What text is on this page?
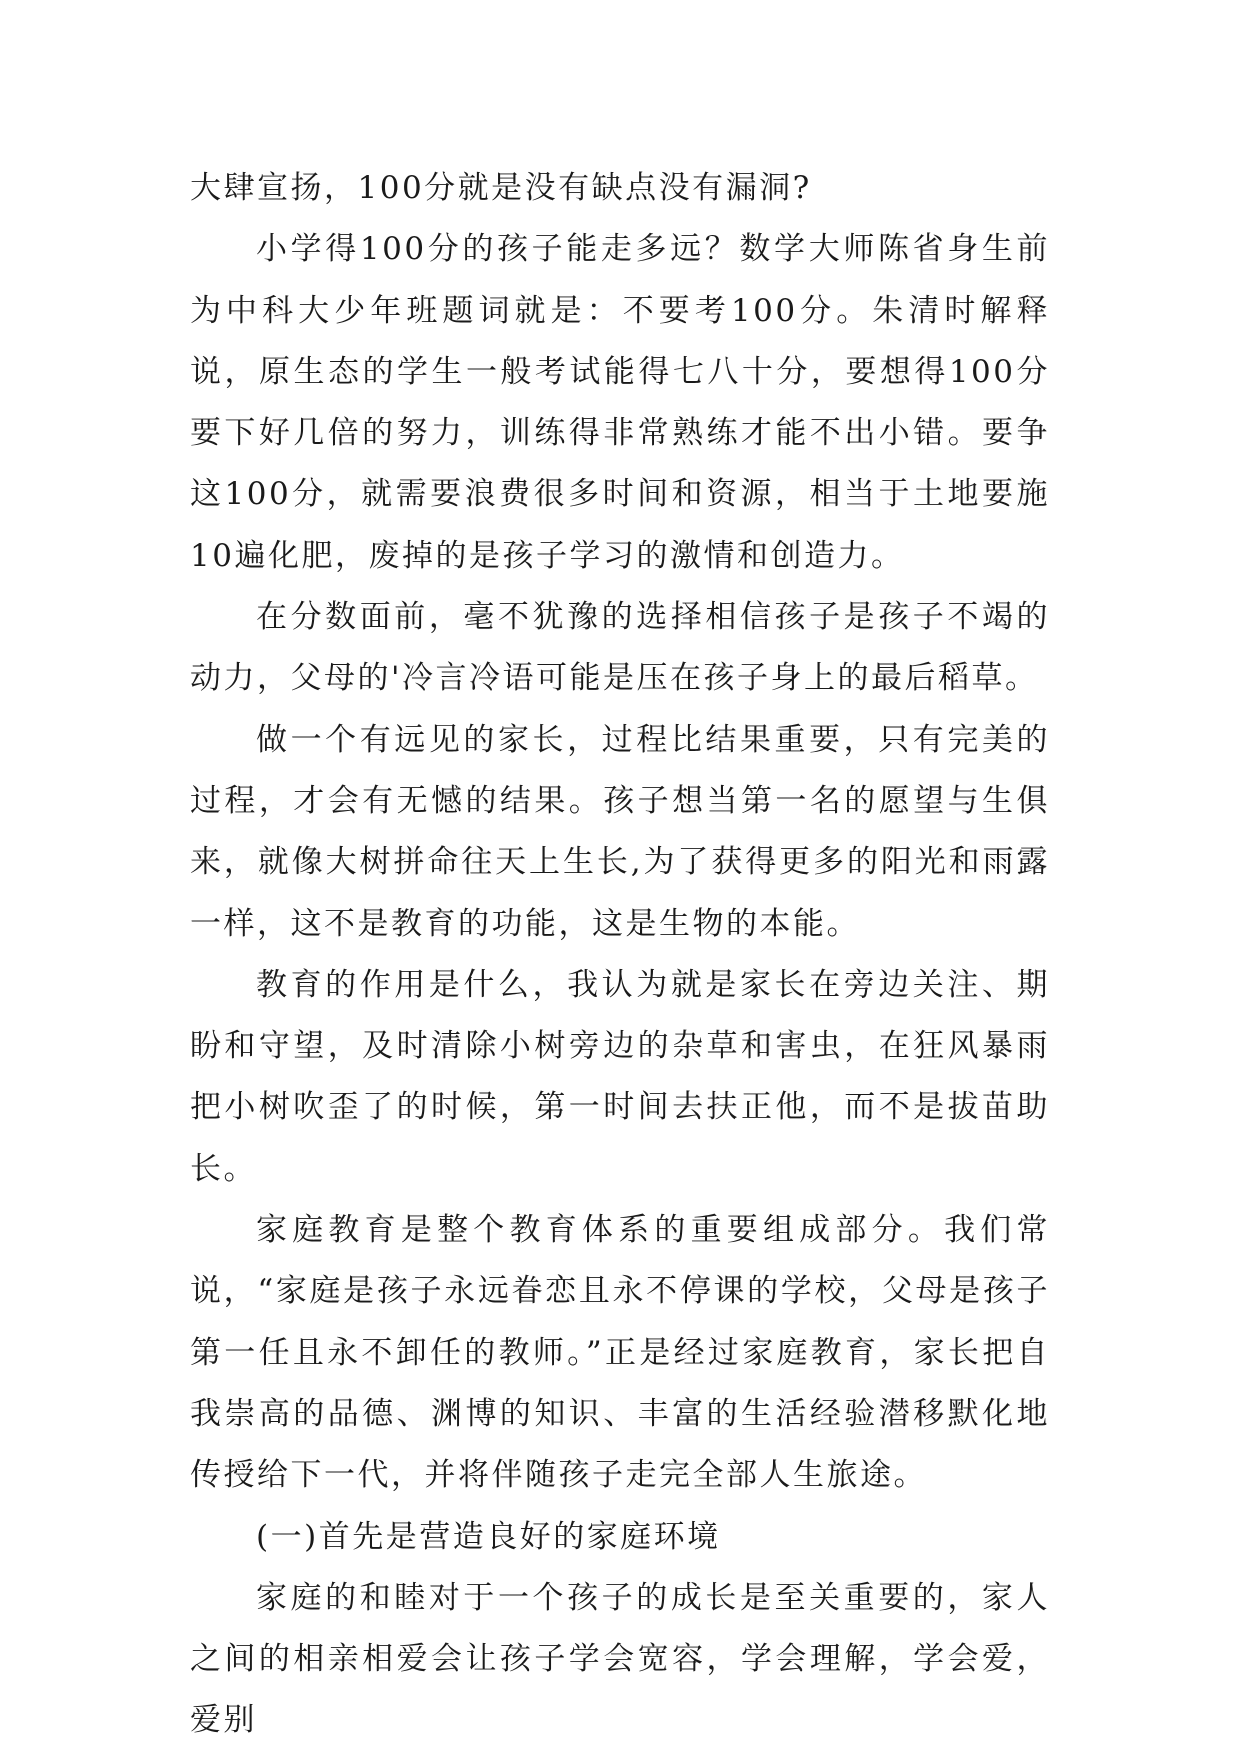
大肆宣扬，100分就是没有缺点没有漏洞?

小学得100分的孩子能走多远？数学大师陈省身生前为中科大少年班题词就是：不要考100分。朱清时解释说，原生态的学生一般考试能得七八十分，要想得100分要下好几倍的努力，训练得非常熟练才能不出小错。要争这100分，就需要浪费很多时间和资源，相当于土地要施10遍化肥，废掉的是孩子学习的激情和创造力。

在分数面前，毫不犹豫的选择相信孩子是孩子不竭的动力，父母的'冷言冷语可能是压在孩子身上的最后稻草。

做一个有远见的家长，过程比结果重要，只有完美的过程，才会有无憾的结果。孩子想当第一名的愿望与生俱来，就像大树拼命往天上生长,为了获得更多的阳光和雨露一样，这不是教育的功能，这是生物的本能。

教育的作用是什么，我认为就是家长在旁边关注、期盼和守望，及时清除小树旁边的杂草和害虫，在狂风暴雨把小树吹歪了的时候，第一时间去扶正他，而不是拔苗助长。

家庭教育是整个教育体系的重要组成部分。我们常说，“家庭是孩子永远眷恋且永不停课的学校，父母是孩子第一任且永不卸任的教师。”正是经过家庭教育，家长把自我崇高的品德、渊博的知识、丰富的生活经验潜移默化地传授给下一代，并将伴随孩子走完全部人生旅途。

(一)首先是营造良好的家庭环境

家庭的和睦对于一个孩子的成长是至关重要的，家人之间的相亲相爱会让孩子学会宽容，学会理解，学会爱，爱别
